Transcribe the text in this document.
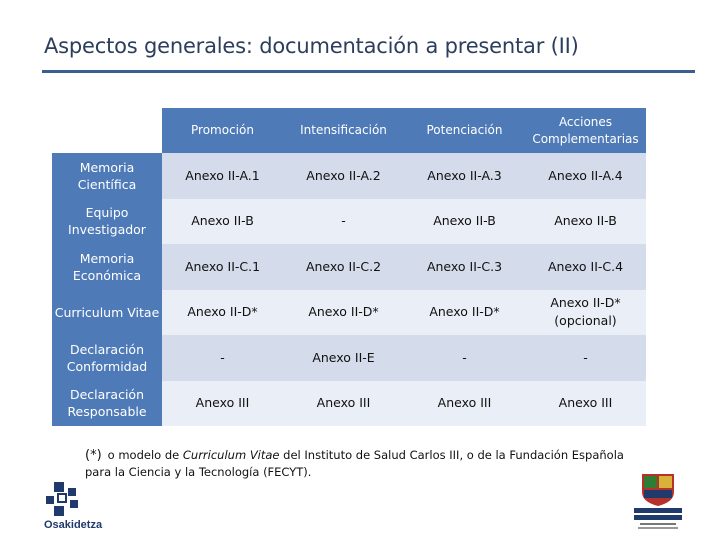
Aspectos generales: documentación a presentar (II)
	Promoción	Intensificación	Potenciación	Acciones Complementarias
Memoria Científica	Anexo II-A.1	Anexo II-A.2	Anexo II-A.3	Anexo II-A.4
Equipo Investigador	Anexo II-B	-	Anexo II-B	Anexo II-B
Memoria Económica	Anexo II-C.1	Anexo II-C.2	Anexo II-C.3	Anexo II-C.4
Curriculum Vitae	Anexo II-D*	Anexo II-D*	Anexo II-D*	Anexo II-D* (opcional)
Declaración Conformidad	-	Anexo II-E	-	-
Declaración Responsable	Anexo III	Anexo III	Anexo III	Anexo III
(*) o modelo de Curriculum Vitae del Instituto de Salud Carlos III, o de la Fundación Española para la Ciencia y la Tecnología (FECYT).
Osakidetza
